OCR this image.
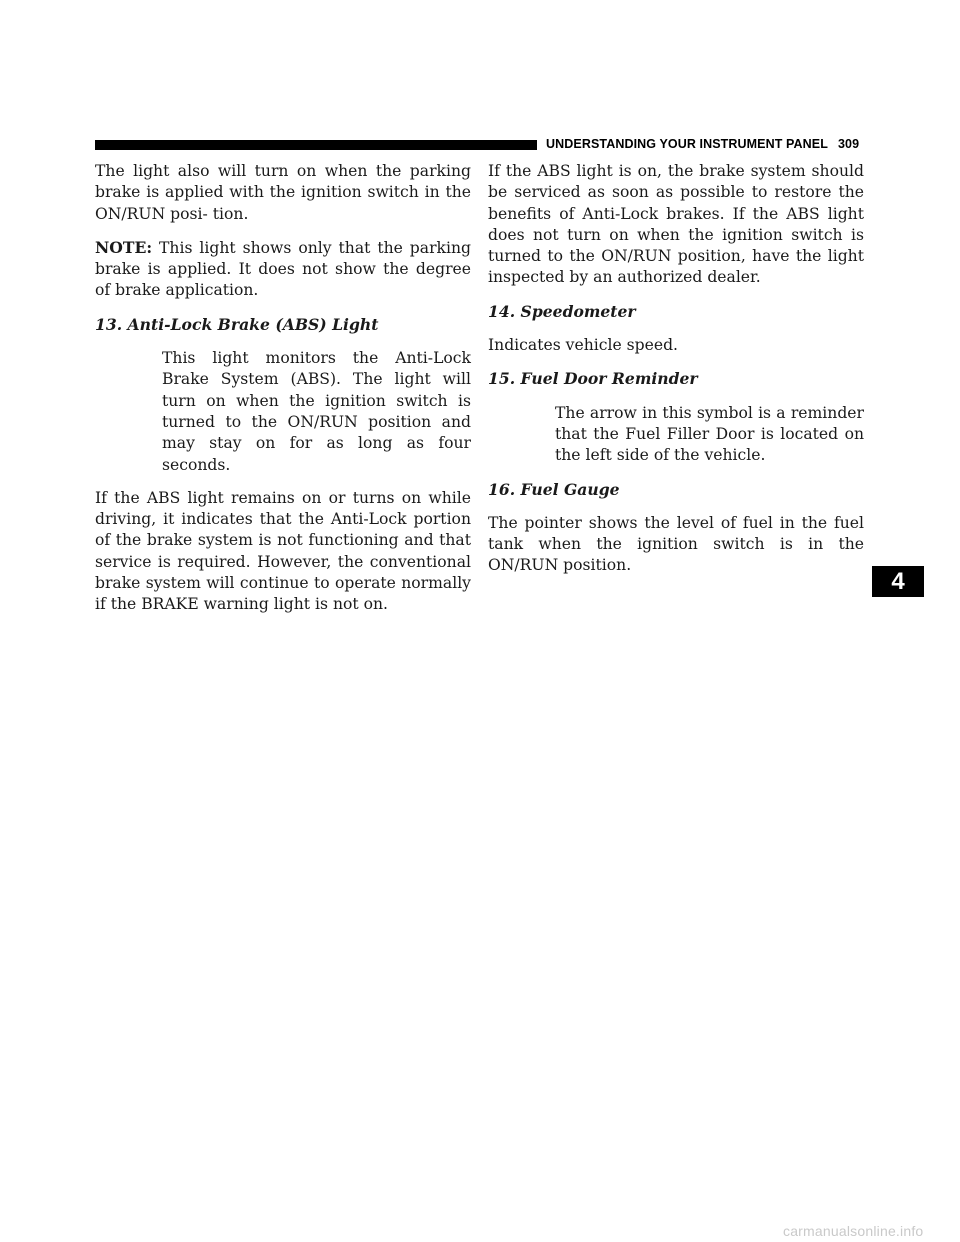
UNDERSTANDING YOUR INSTRUMENT PANEL 309

The light also will turn on when the parking brake is applied with the ignition switch in the ON/RUN posi- tion.

NOTE: This light shows only that the parking brake is applied. It does not show the degree of brake application.

13. Anti-Lock Brake (ABS) Light

This light monitors the Anti-Lock Brake System (ABS). The light will turn on when the ignition switch is turned to the ON/RUN position and may stay on for as long as four seconds.

If the ABS light remains on or turns on while driving, it indicates that the Anti-Lock portion of the brake system is not functioning and that service is required. However, the conventional brake system will continue to operate normally if the BRAKE warning light is not on.

If the ABS light is on, the brake system should be serviced as soon as possible to restore the benefits of Anti-Lock brakes. If the ABS light does not turn on when the ignition switch is turned to the ON/RUN position, have the light inspected by an authorized dealer.

14. Speedometer

Indicates vehicle speed.

15. Fuel Door Reminder

The arrow in this symbol is a reminder that the Fuel Filler Door is located on the left side of the vehicle.

16. Fuel Gauge

The pointer shows the level of fuel in the fuel tank when the ignition switch is in the ON/RUN position.

4
carmanualsonline.info
